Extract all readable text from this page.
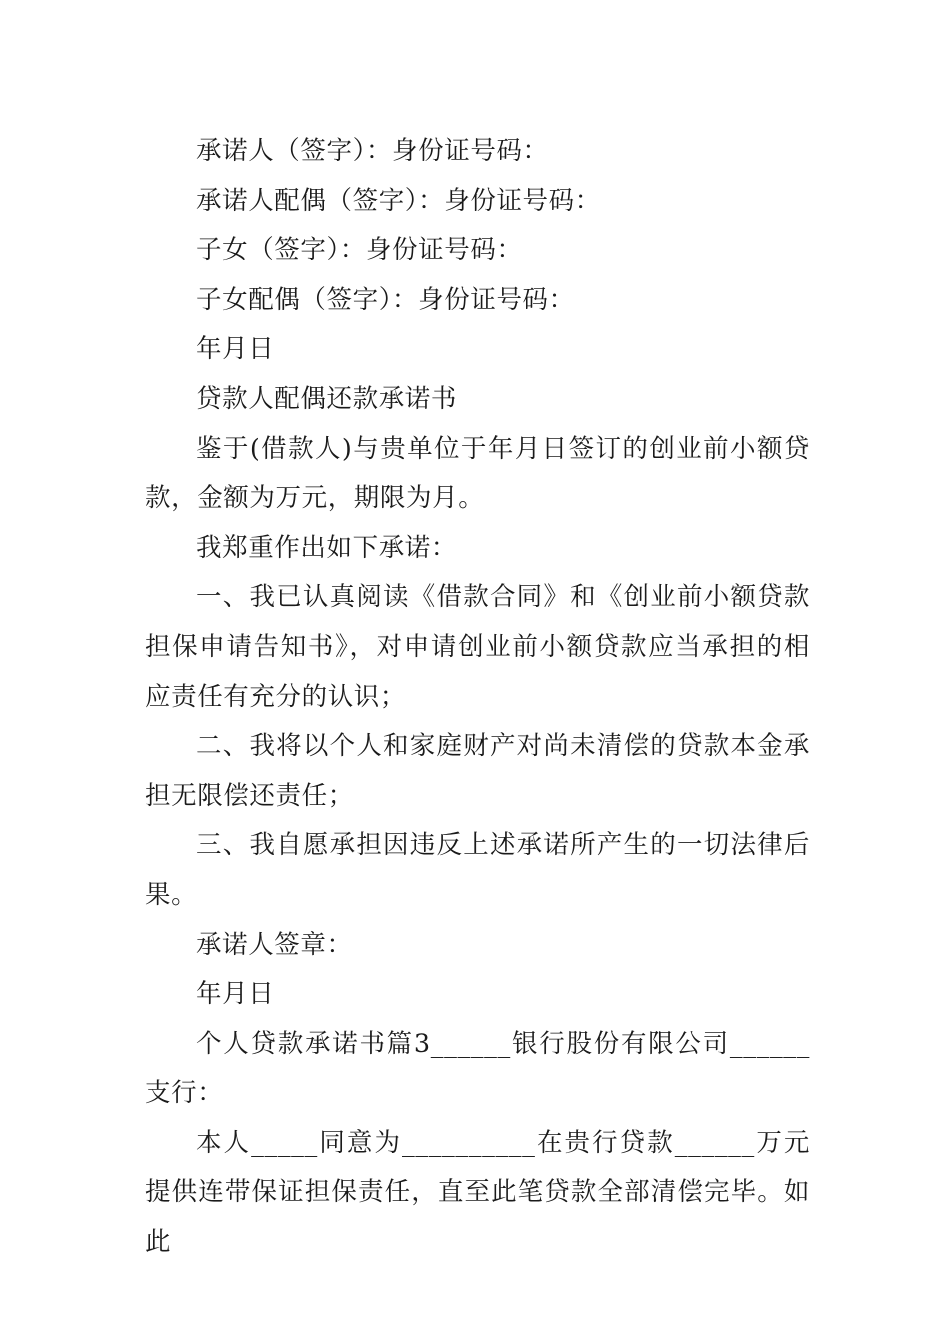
承诺人（签字）：身份证号码：

承诺人配偶（签字）：身份证号码：

子女（签字）：身份证号码：

子女配偶（签字）：身份证号码：

年月日

贷款人配偶还款承诺书

鉴于(借款人)与贵单位于年月日签订的创业前小额贷款，金额为万元，期限为月。

我郑重作出如下承诺：

一、我已认真阅读《借款合同》和《创业前小额贷款担保申请告知书》，对申请创业前小额贷款应当承担的相应责任有充分的认识；

二、我将以个人和家庭财产对尚未清偿的贷款本金承担无限偿还责任；

三、我自愿承担因违反上述承诺所产生的一切法律后果。

承诺人签章：

年月日

个人贷款承诺书篇3______银行股份有限公司______支行：

本人_____同意为__________在贵行贷款______万元提供连带保证担保责任，直至此笔贷款全部清偿完毕。如此
